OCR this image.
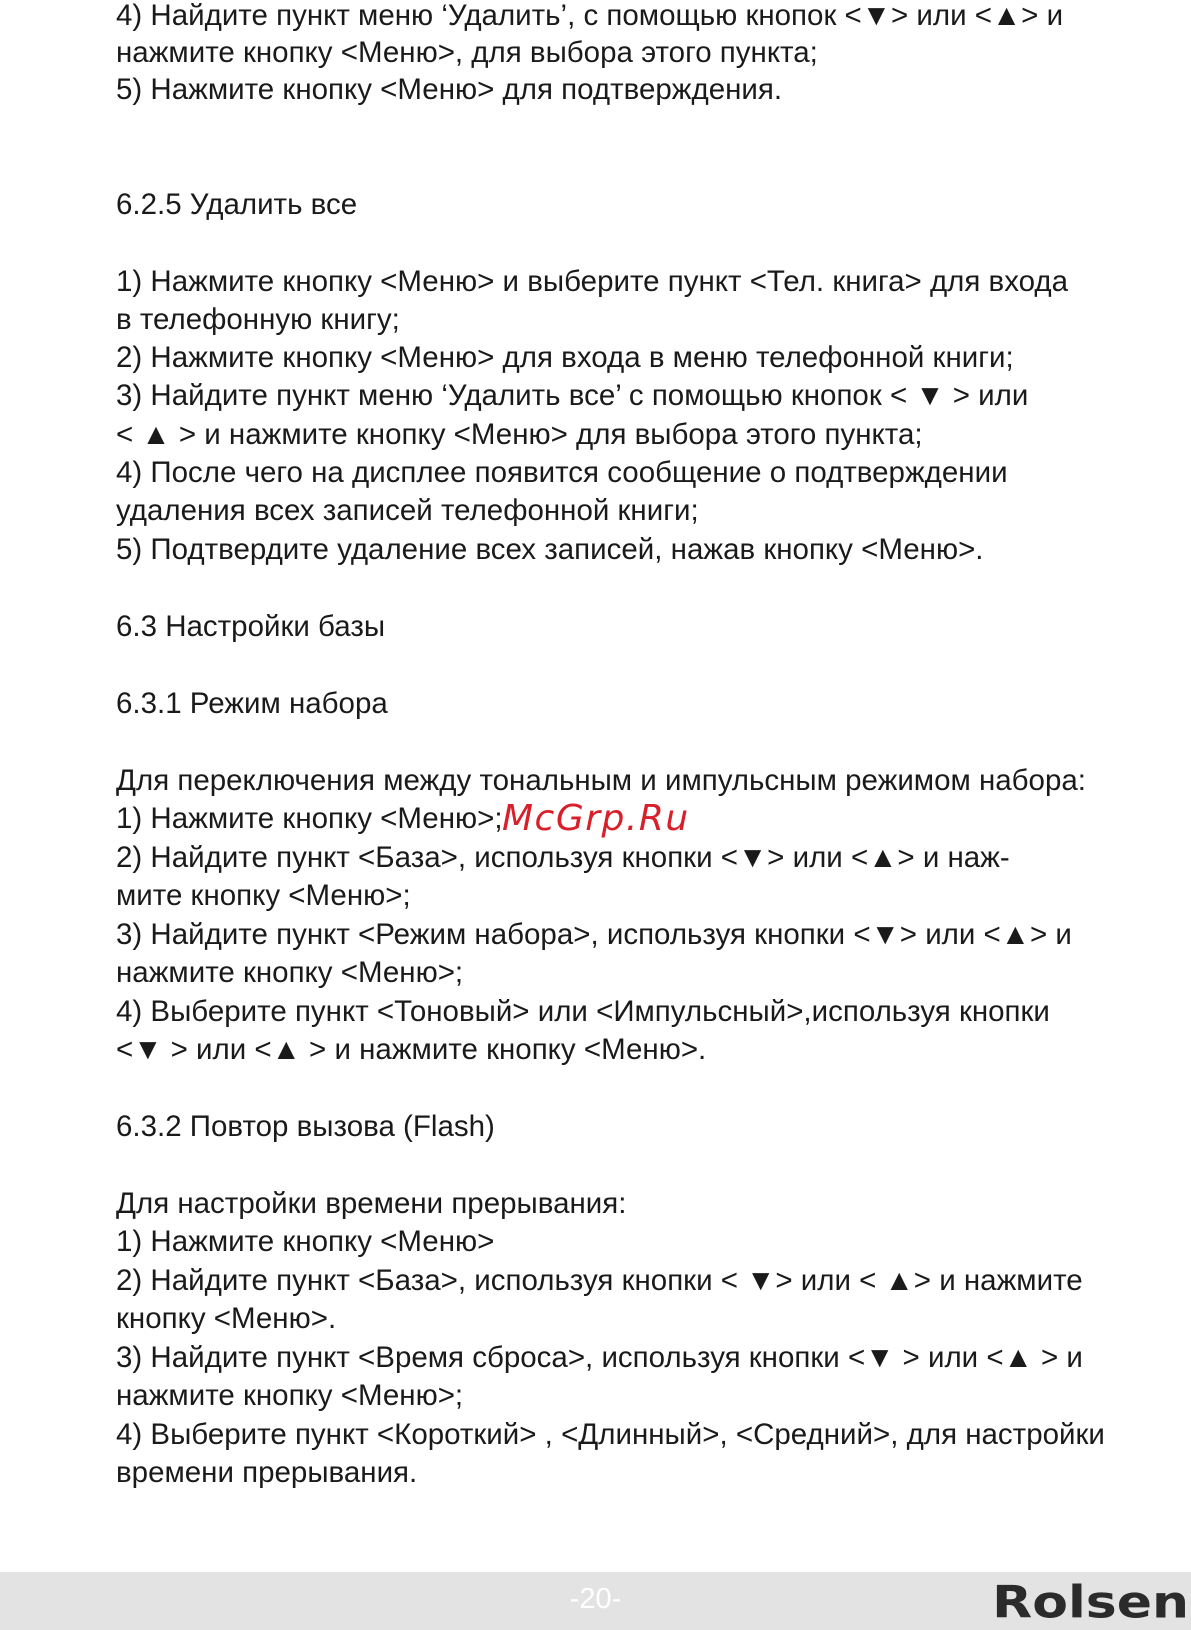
4) Найдите пункт меню ‘Удалить’, с помощью кнопок <▼> или <▲> и
нажмите кнопку <Меню>, для выбора этого пункта;
5) Нажмите кнопку <Меню> для подтверждения.
6.2.5 Удалить все
1) Нажмите кнопку <Меню> и выберите пункт <Тел. книга> для входа
в телефонную книгу;
2) Нажмите кнопку <Меню> для входа в меню телефонной книги;
3) Найдите пункт меню ‘Удалить все’ с помощью кнопок < ▼ > или
< ▲ > и нажмите кнопку <Меню> для выбора этого пункта;
4) После чего на дисплее появится сообщение о подтверждении
удаления всех записей телефонной книги;
5) Подтвердите удаление всех записей, нажав кнопку <Меню>.
6.3 Настройки базы
6.3.1 Режим набора
Для переключения между тональным и импульсным режимом набора:
1) Нажмите кнопку <Меню>;
2) Найдите пункт <База>, используя кнопки <▼> или <▲> и наж-
мите кнопку <Меню>;
3) Найдите пункт <Режим набора>, используя кнопки <▼> или <▲> и
нажмите кнопку <Меню>;
4) Выберите пункт <Тоновый> или <Импульсный>,используя кнопки
<▼ > или <▲ > и нажмите кнопку <Меню>.
6.3.2 Повтор вызова (Flash)
Для настройки времени прерывания:
1) Нажмите кнопку <Меню>
2) Найдите пункт <База>, используя кнопки < ▼> или < ▲> и нажмите
кнопку <Меню>.
3) Найдите пункт <Время сброса>, используя кнопки <▼ > или <▲ > и
нажмите кнопку <Меню>;
4) Выберите пункт <Короткий> , <Длинный>, <Средний>, для настройки
времени прерывания.
McGrp.Ru
-20-	Rolsen
